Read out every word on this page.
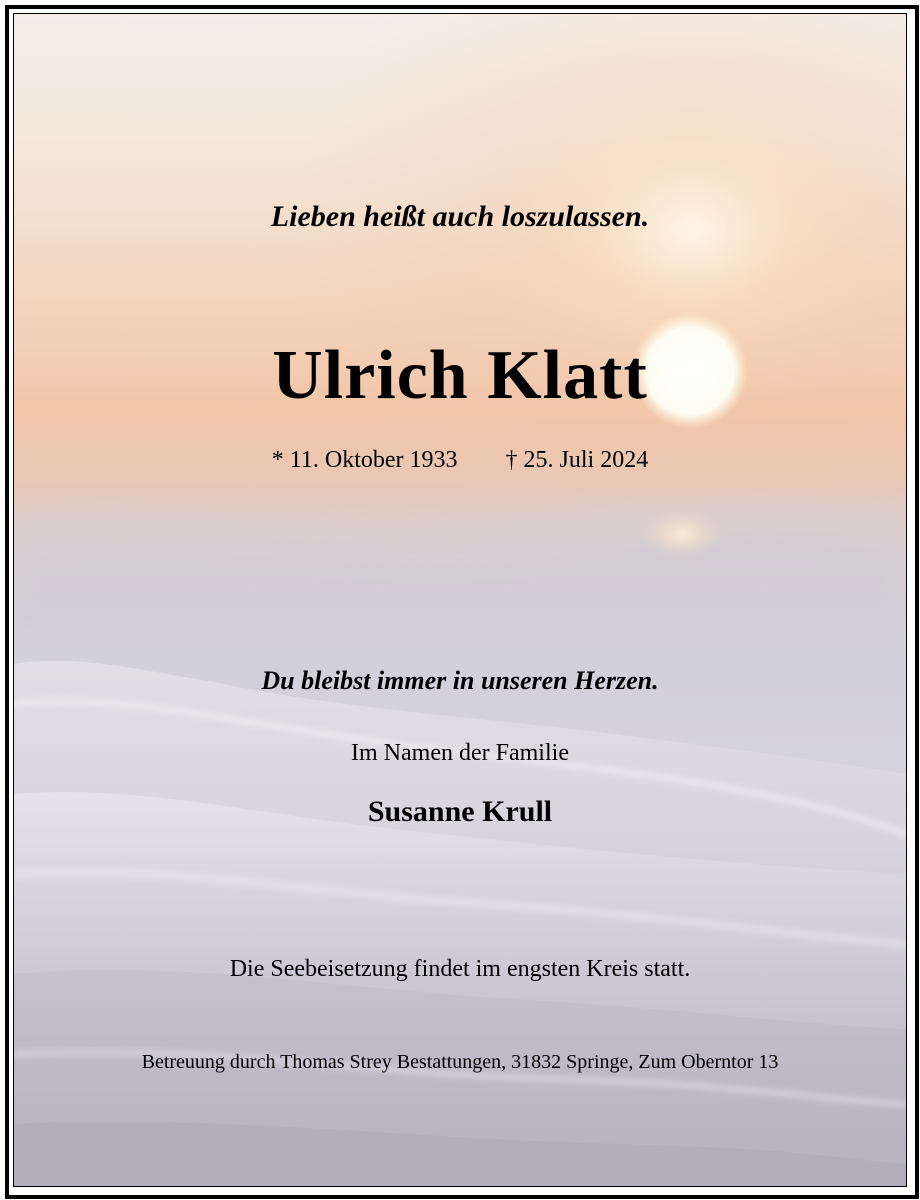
Lieben heißt auch loszulassen.
Ulrich Klatt
* 11. Oktober 1933 † 25. Juli 2024
Du bleibst immer in unseren Herzen.
Im Namen der Familie
Susanne Krull
Die Seebeisetzung findet im engsten Kreis statt.
Betreuung durch Thomas Strey Bestattungen, 31832 Springe, Zum Oberntor 13
